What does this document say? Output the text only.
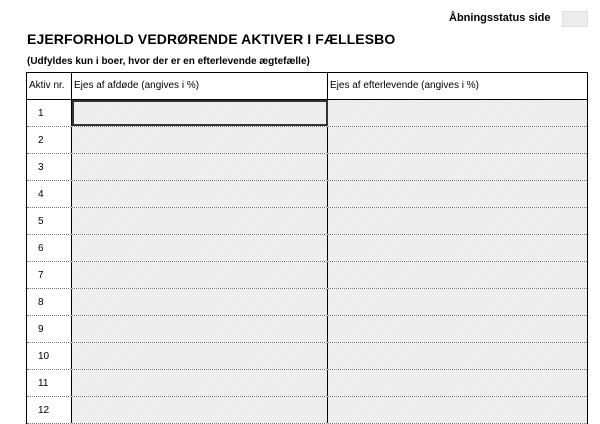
Åbningsstatus side
EJERFORHOLD VEDRØRENDE AKTIVER I FÆLLESBO
(Udfyldes kun i boer, hvor der er en efterlevende ægtefælle)
Aktiv nr. Ejes af afdøde (angives i %)	Ejes af efterlevende (angives i %)
1
2
3
4
5
6
7
8
9
10
11
12
